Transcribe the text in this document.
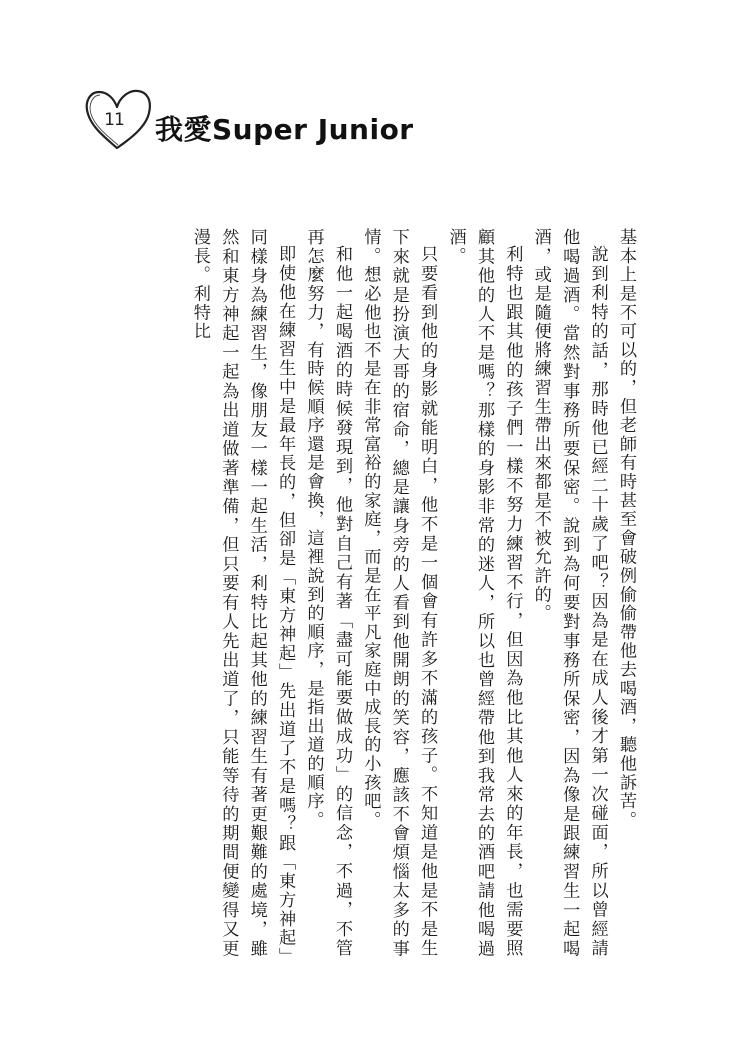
11 我愛Super Junior

基本上是不可以的，但老師有時甚至會破例偷偷帶他去喝酒，聽他訴苦。

說到利特的話，那時他已經二十歲了吧？因為是在成人後才第一次碰面，所以曾經請他喝過酒。當然對事務所要保密。說到為何要對事務所保密，因為像是跟練習生一起喝酒，或是隨便將練習生帶出來都是不被允許的。

利特也跟其他的孩子們一樣不努力練習不行，但因為他比其他人來的年長，也需要照顧其他的人不是嗎？那樣的身影非常的迷人，所以也曾經帶他到我常去的酒吧請他喝過酒。

只要看到他的身影就能明白，他不是一個會有許多不滿的孩子。不知道是他是不是生下來就是扮演大哥的宿命，總是讓身旁的人看到他開朗的笑容，應該不會煩惱太多的事情。想必他也不是在非常富裕的家庭，而是在平凡家庭中成長的小孩吧。

和他一起喝酒的時候發現到，他對自己有著「盡可能要做成功」的信念，不過，不管再怎麼努力，有時候順序還是會換，這裡說到的順序，是指出道的順序。

即使他在練習生中是最年長的，但卻是「東方神起」先出道了不是嗎？跟「東方神起」同樣身為練習生，像朋友一樣一起生活，利特比起其他的練習生有著更艱難的處境，雖然和東方神起一起為出道做著準備，但只要有人先出道了，只能等待的期間便變得又更漫長。利特比
